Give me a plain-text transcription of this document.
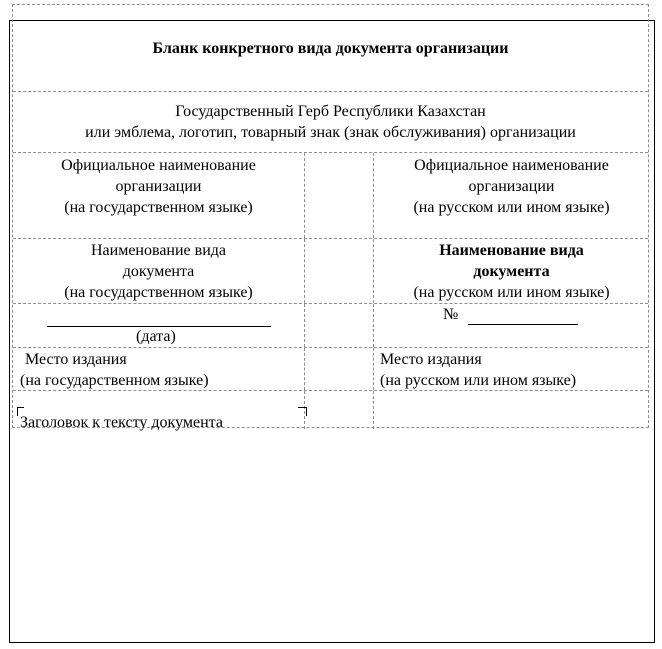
Бланк конкретного вида документа организации
Государственный Герб Республики Казахстан
или эмблема, логотип, товарный знак (знак обслуживания) организации
Официальное наименование
организации
(на государственном языке)
Официальное наименование
организации
(на русском или ином языке)
Наименование вида
документа
(на государственном языке)
Наименование вида
документа
(на русском или ином языке)
(дата)
№
Место издания
(на государственном языке)
Место издания
(на русском или ином языке)
Заголовок к тексту документа
